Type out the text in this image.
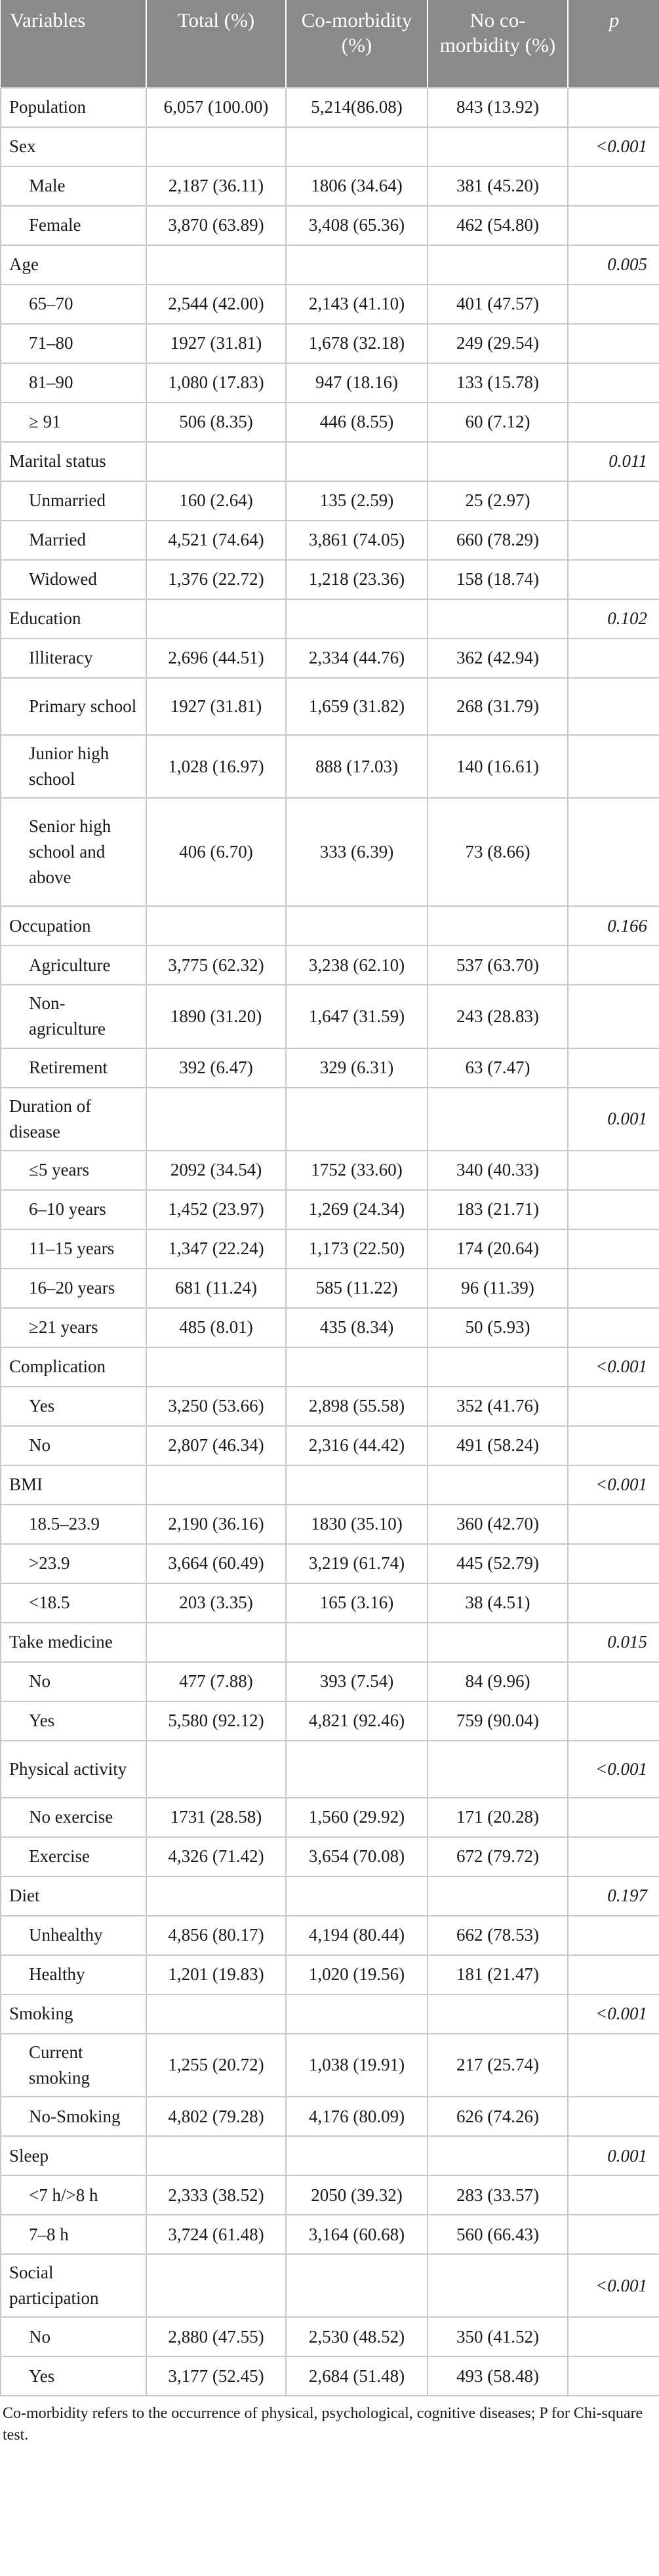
Variables	Total (%)	Co-morbidity (%)	No co-morbidity (%)	p
Population	6,057 (100.00)	5,214(86.08)	843 (13.92)	
Sex				<0.001
Male	2,187 (36.11)	1806 (34.64)	381 (45.20)	
Female	3,870 (63.89)	3,408 (65.36)	462 (54.80)	
Age				0.005
65–70	2,544 (42.00)	2,143 (41.10)	401 (47.57)	
71–80	1927 (31.81)	1,678 (32.18)	249 (29.54)	
81–90	1,080 (17.83)	947 (18.16)	133 (15.78)	
≥ 91	506 (8.35)	446 (8.55)	60 (7.12)	
Marital status				0.011
Unmarried	160 (2.64)	135 (2.59)	25 (2.97)	
Married	4,521 (74.64)	3,861 (74.05)	660 (78.29)	
Widowed	1,376 (22.72)	1,218 (23.36)	158 (18.74)	
Education				0.102
Illiteracy	2,696 (44.51)	2,334 (44.76)	362 (42.94)	
Primary school	1927 (31.81)	1,659 (31.82)	268 (31.79)	
Junior high school	1,028 (16.97)	888 (17.03)	140 (16.61)	
Senior high school and above	406 (6.70)	333 (6.39)	73 (8.66)	
Occupation				0.166
Agriculture	3,775 (62.32)	3,238 (62.10)	537 (63.70)	
Non-agriculture	1890 (31.20)	1,647 (31.59)	243 (28.83)	
Retirement	392 (6.47)	329 (6.31)	63 (7.47)	
Duration of disease				0.001
≤5 years	2092 (34.54)	1752 (33.60)	340 (40.33)	
6–10 years	1,452 (23.97)	1,269 (24.34)	183 (21.71)	
11–15 years	1,347 (22.24)	1,173 (22.50)	174 (20.64)	
16–20 years	681 (11.24)	585 (11.22)	96 (11.39)	
≥21 years	485 (8.01)	435 (8.34)	50 (5.93)	
Complication				<0.001
Yes	3,250 (53.66)	2,898 (55.58)	352 (41.76)	
No	2,807 (46.34)	2,316 (44.42)	491 (58.24)	
BMI				<0.001
18.5–23.9	2,190 (36.16)	1830 (35.10)	360 (42.70)	
>23.9	3,664 (60.49)	3,219 (61.74)	445 (52.79)	
<18.5	203 (3.35)	165 (3.16)	38 (4.51)	
Take medicine				0.015
No	477 (7.88)	393 (7.54)	84 (9.96)	
Yes	5,580 (92.12)	4,821 (92.46)	759 (90.04)	
Physical activity				<0.001
No exercise	1731 (28.58)	1,560 (29.92)	171 (20.28)	
Exercise	4,326 (71.42)	3,654 (70.08)	672 (79.72)	
Diet				0.197
Unhealthy	4,856 (80.17)	4,194 (80.44)	662 (78.53)	
Healthy	1,201 (19.83)	1,020 (19.56)	181 (21.47)	
Smoking				<0.001
Current smoking	1,255 (20.72)	1,038 (19.91)	217 (25.74)	
No-Smoking	4,802 (79.28)	4,176 (80.09)	626 (74.26)	
Sleep				0.001
<7 h/>8 h	2,333 (38.52)	2050 (39.32)	283 (33.57)	
7–8 h	3,724 (61.48)	3,164 (60.68)	560 (66.43)	
Social participation				<0.001
No	2,880 (47.55)	2,530 (48.52)	350 (41.52)	
Yes	3,177 (52.45)	2,684 (51.48)	493 (58.48)	
Co-morbidity refers to the occurrence of physical, psychological, cognitive diseases; P for Chi-square test.
